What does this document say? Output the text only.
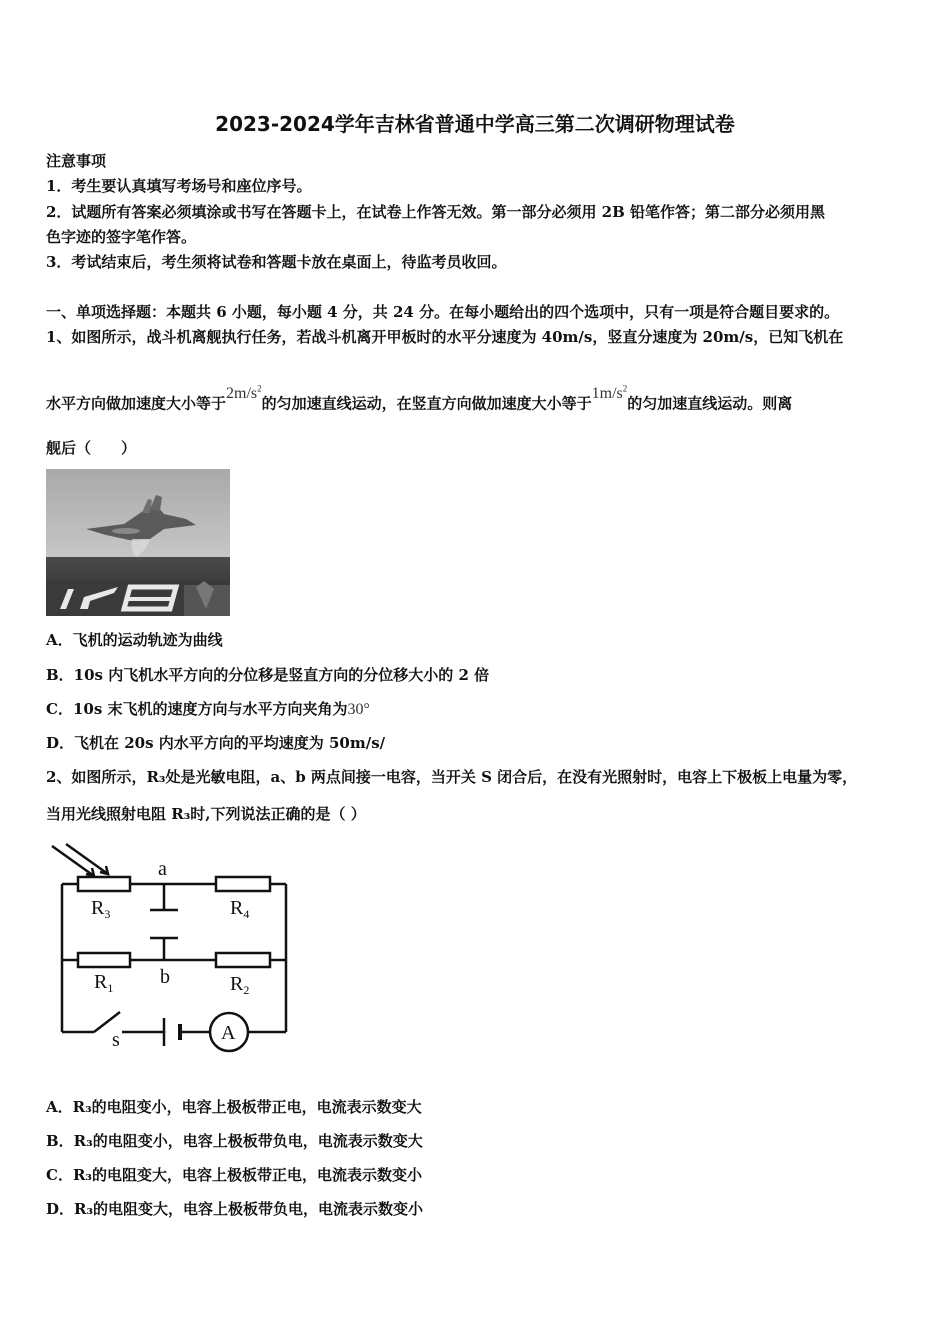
2023-2024学年吉林省普通中学高三第二次调研物理试卷
注意事项
1．考生要认真填写考场号和座位序号。
2．试题所有答案必须填涂或书写在答题卡上，在试卷上作答无效。第一部分必须用 2B 铅笔作答；第二部分必须用黑
色字迹的签字笔作答。
3．考试结束后，考生须将试卷和答题卡放在桌面上，待监考员收回。
一、单项选择题：本题共 6 小题，每小题 4 分，共 24 分。在每小题给出的四个选项中，只有一项是符合题目要求的。
1、如图所示，战斗机离舰执行任务，若战斗机离开甲板时的水平分速度为 40m/s，竖直分速度为 20m/s，已知飞机在
水平方向做加速度大小等于$2m/s^2$的匀加速直线运动，在竖直方向做加速度大小等于$1m/s^2$的匀加速直线运动。则离
舰后（　　）
A．飞机的运动轨迹为曲线
B．10s 内飞机水平方向的分位移是竖直方向的分位移大小的 2 倍
C．10s 末飞机的速度方向与水平方向夹角为30°
D．飞机在 20s 内水平方向的平均速度为 50m/s/
2、如图所示，R₃处是光敏电阻，a、b 两点间接一电容，当开关 S 闭合后，在没有光照射时，电容上下极板上电量为零，
当用光线照射电阻 R₃时,下列说法正确的是（ ）
$R_3$	$R_4$
$R_1$	$R_2$
a
b
s	A
A．R₃的电阻变小，电容上极板带正电，电流表示数变大
B．R₃的电阻变小，电容上极板带负电，电流表示数变大
C．R₃的电阻变大，电容上极板带正电，电流表示数变小
D．R₃的电阻变大，电容上极板带负电，电流表示数变小
